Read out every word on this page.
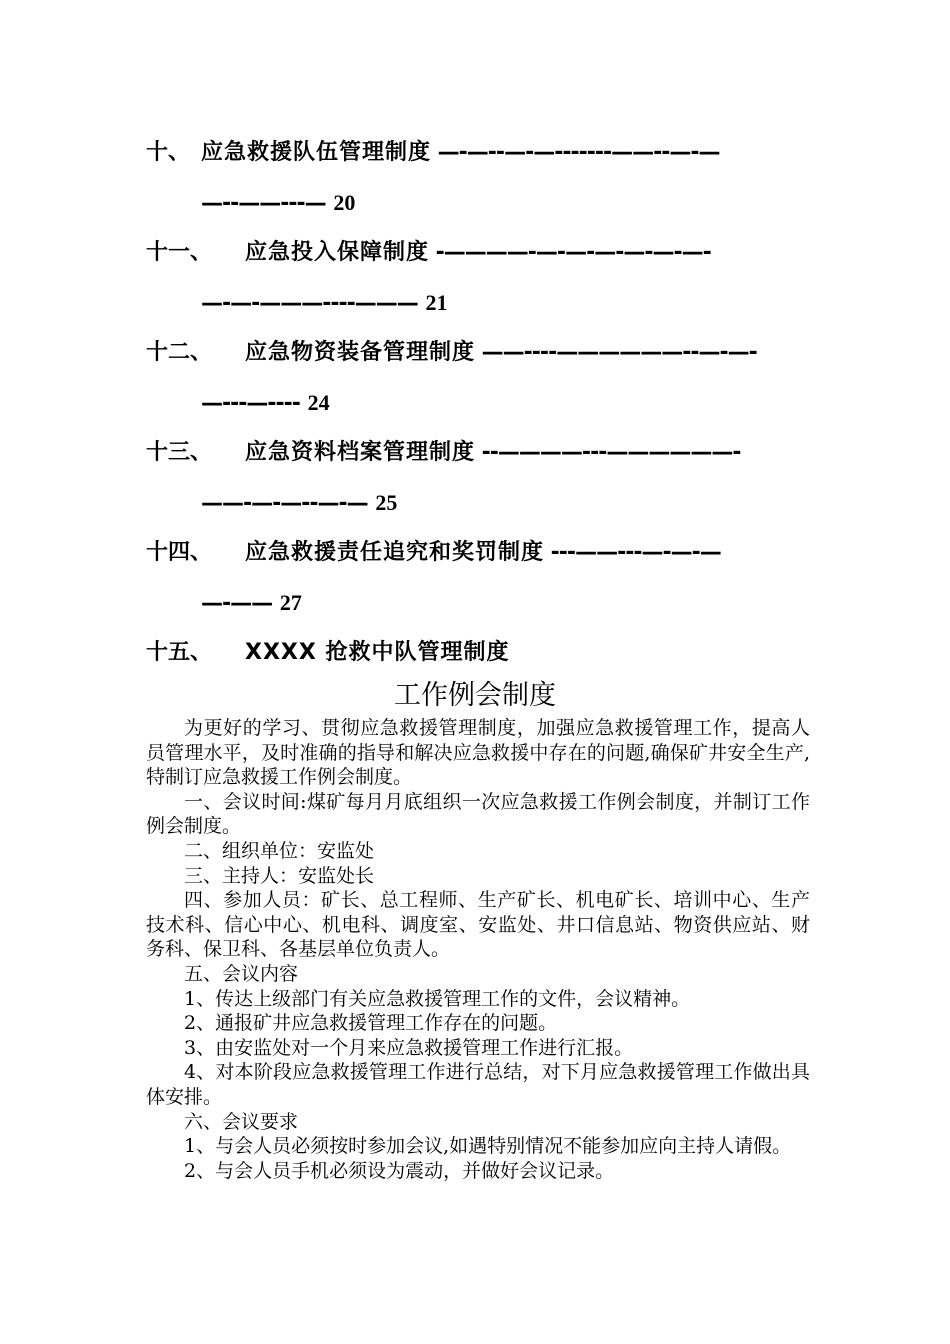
十、 应急救援队伍管理制度 —-—--—-—-------——--—-—
—--——---— 20
十一、 应急投入保障制度 -————-—-—-—-—-—-—-
—-—-———----——— 21
十二、 应急物资装备管理制度 ——----——————--—-—-
—---—---- 24
十三、 应急资料档案管理制度 --————---——————-
——-—-—--—-— 25
十四、 应急救援责任追究和奖罚制度 ---——---—-—-—
—-—— 27
十五、 XXXX 抢救中队管理制度
工作例会制度

为更好的学习、贯彻应急救援管理制度，加强应急救援管理工作，提高人员管理水平，及时准确的指导和解决应急救援中存在的问题,确保矿井安全生产,特制订应急救援工作例会制度。

一、会议时间:煤矿每月月底组织一次应急救援工作例会制度，并制订工作例会制度。

二、组织单位：安监处

三、主持人：安监处长

四、参加人员：矿长、总工程师、生产矿长、机电矿长、培训中心、生产技术科、信心中心、机电科、调度室、安监处、井口信息站、物资供应站、财务科、保卫科、各基层单位负责人。

五、会议内容

1、传达上级部门有关应急救援管理工作的文件，会议精神。

2、通报矿井应急救援管理工作存在的问题。

3、由安监处对一个月来应急救援管理工作进行汇报。

4、对本阶段应急救援管理工作进行总结，对下月应急救援管理工作做出具体安排。

六、会议要求

1、与会人员必须按时参加会议,如遇特别情况不能参加应向主持人请假。

2、与会人员手机必须设为震动，并做好会议记录。
